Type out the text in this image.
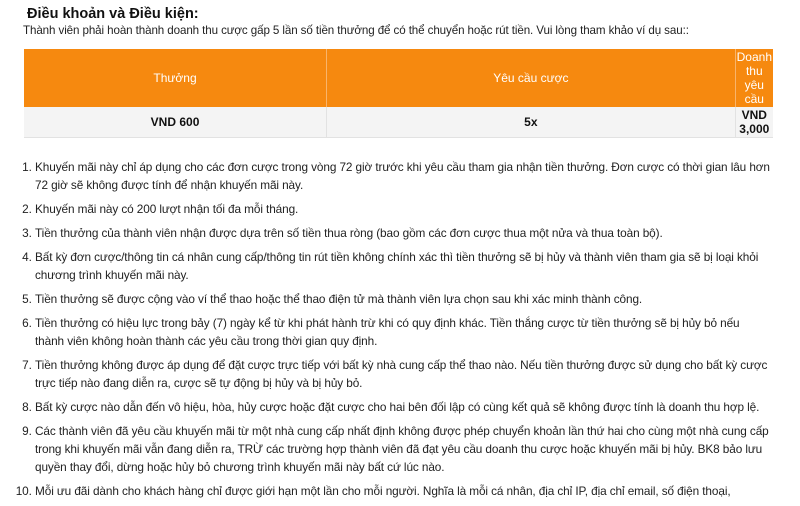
Điều khoản và Điều kiện:
Thành viên phải hoàn thành doanh thu cược gấp 5 lần số tiền thưởng để có thể chuyển hoặc rút tiền. Vui lòng tham khảo ví dụ sau::
Thưởng	Yêu cầu cược	Doanh thu yêu cầu
VND 600	5x	VND 3,000
1. Khuyến mãi này chỉ áp dụng cho các đơn cược trong vòng 72 giờ trước khi yêu cầu tham gia nhận tiền thưởng. Đơn cược có thời gian lâu hơn 72 giờ sẽ không được tính để nhận khuyến mãi này.
2. Khuyến mãi này có 200 lượt nhận tối đa mỗi tháng.
3. Tiền thưởng của thành viên nhận được dựa trên số tiền thua ròng (bao gồm các đơn cược thua một nửa và thua toàn bộ).
4. Bất kỳ đơn cược/thông tin cá nhân cung cấp/thông tin rút tiền không chính xác thì tiền thưởng sẽ bị hủy và thành viên tham gia sẽ bị loại khỏi chương trình khuyến mãi này.
5. Tiền thưởng sẽ được cộng vào ví thể thao hoặc thể thao điện tử mà thành viên lựa chọn sau khi xác minh thành công.
6. Tiền thưởng có hiệu lực trong bảy (7) ngày kể từ khi phát hành trừ khi có quy định khác. Tiền thắng cược từ tiền thưởng sẽ bị hủy bỏ nếu thành viên không hoàn thành các yêu cầu trong thời gian quy định.
7. Tiền thưởng không được áp dụng để đặt cược trực tiếp với bất kỳ nhà cung cấp thể thao nào. Nếu tiền thưởng được sử dụng cho bất kỳ cược trực tiếp nào đang diễn ra, cược sẽ tự động bị hủy và bị hủy bỏ.
8. Bất kỳ cược nào dẫn đến vô hiệu, hòa, hủy cược hoặc đặt cược cho hai bên đối lập có cùng kết quả sẽ không được tính là doanh thu hợp lệ.
9. Các thành viên đã yêu cầu khuyến mãi từ một nhà cung cấp nhất định không được phép chuyển khoản lần thứ hai cho cùng một nhà cung cấp trong khi khuyến mãi vẫn đang diễn ra, TRỪ các trường hợp thành viên đã đạt yêu cầu doanh thu cược hoặc khuyến mãi bị hủy. BK8 bảo lưu quyền thay đổi, dừng hoặc hủy bỏ chương trình khuyến mãi này bất cứ lúc nào.
10. Mỗi ưu đãi dành cho khách hàng chỉ được giới hạn một lần cho mỗi người. Nghĩa là mỗi cá nhân, địa chỉ IP, địa chỉ email, số điện thoại,
